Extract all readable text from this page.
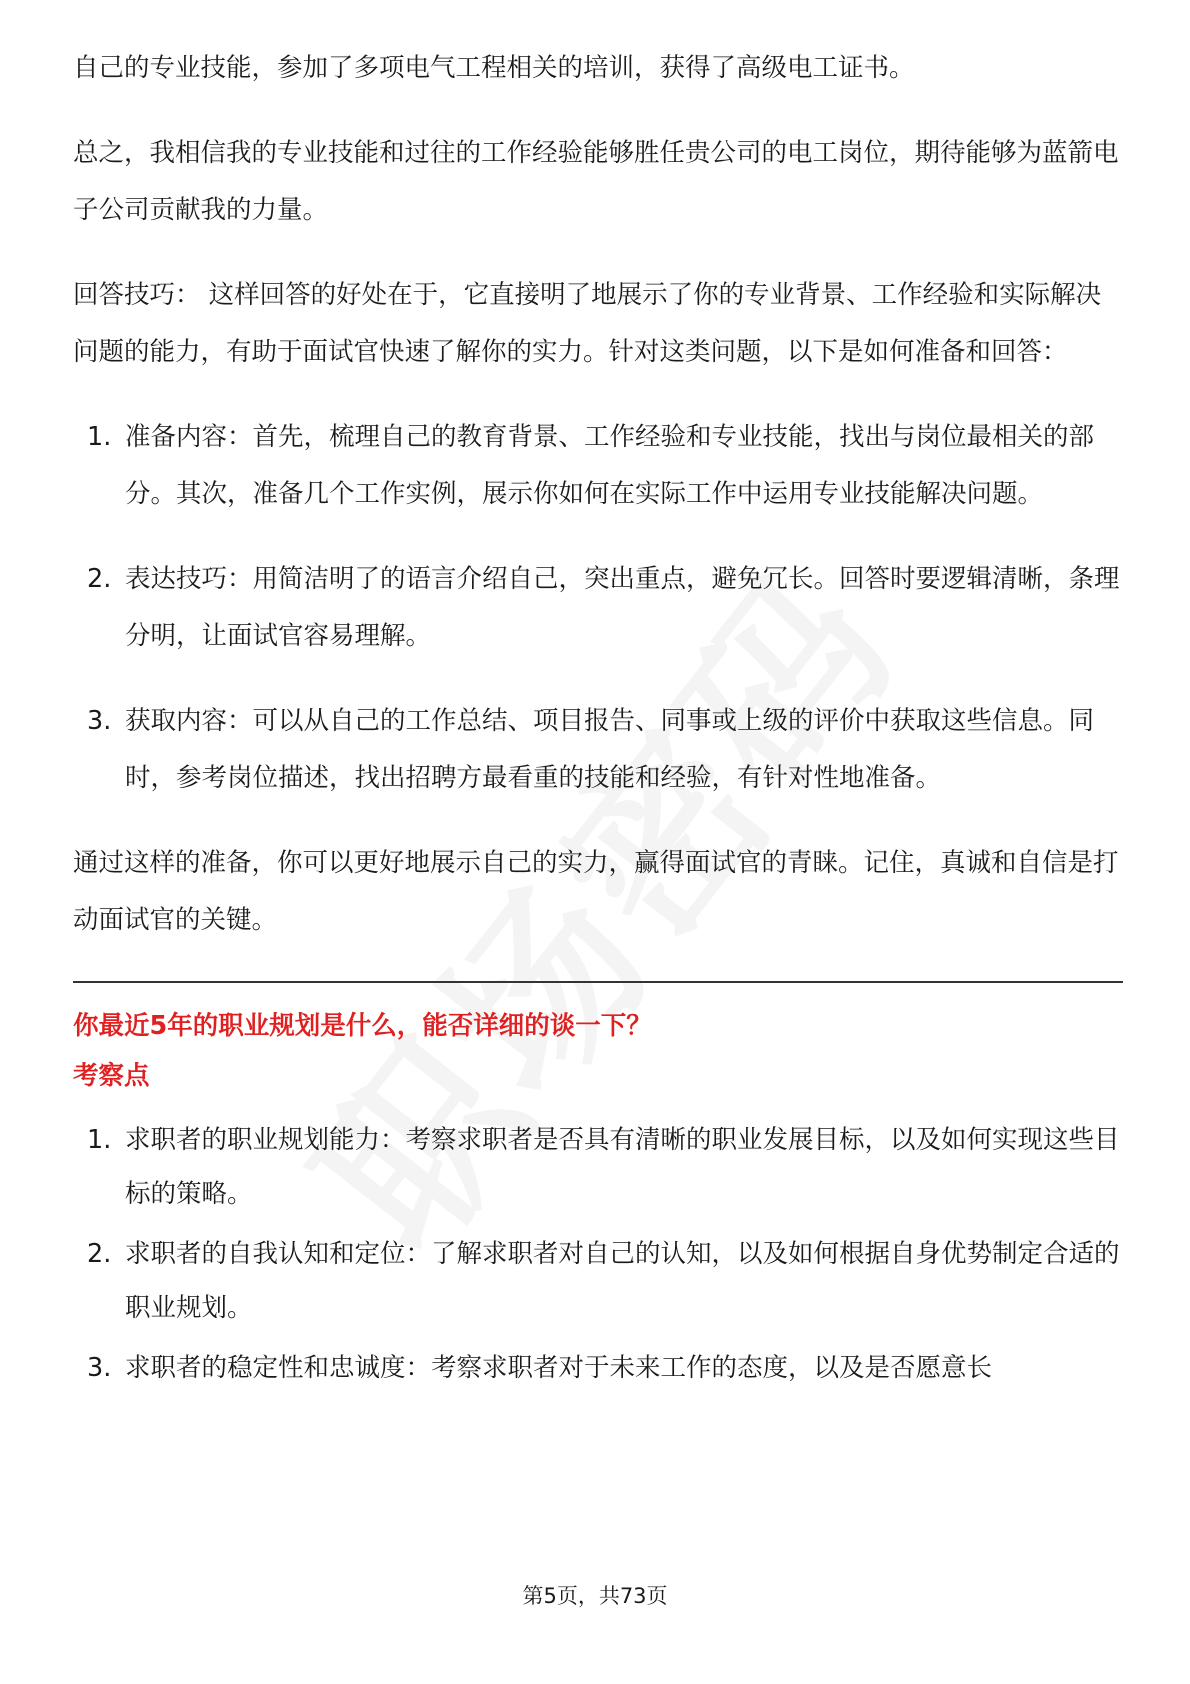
自己的专业技能，参加了多项电气工程相关的培训，获得了高级电工证书。

总之，我相信我的专业技能和过往的工作经验能够胜任贵公司的电工岗位，期待能够为蓝箭电子公司贡献我的力量。

回答技巧： 这样回答的好处在于，它直接明了地展示了你的专业背景、工作经验和实际解决问题的能力，有助于面试官快速了解你的实力。针对这类问题，以下是如何准备和回答：

1. 准备内容：首先，梳理自己的教育背景、工作经验和专业技能，找出与岗位最相关的部分。其次，准备几个工作实例，展示你如何在实际工作中运用专业技能解决问题。
2. 表达技巧：用简洁明了的语言介绍自己，突出重点，避免冗长。回答时要逻辑清晰，条理分明，让面试官容易理解。
3. 获取内容：可以从自己的工作总结、项目报告、同事或上级的评价中获取这些信息。同时，参考岗位描述，找出招聘方最看重的技能和经验，有针对性地准备。

通过这样的准备，你可以更好地展示自己的实力，赢得面试官的青睐。记住，真诚和自信是打动面试官的关键。

你最近5年的职业规划是什么，能否详细的谈一下？

考察点

1. 求职者的职业规划能力：考察求职者是否具有清晰的职业发展目标，以及如何实现这些目标的策略。
2. 求职者的自我认知和定位：了解求职者对自己的认知，以及如何根据自身优势制定合适的职业规划。
3. 求职者的稳定性和忠诚度：考察求职者对于未来工作的态度，以及是否愿意长
第5页，共73页
